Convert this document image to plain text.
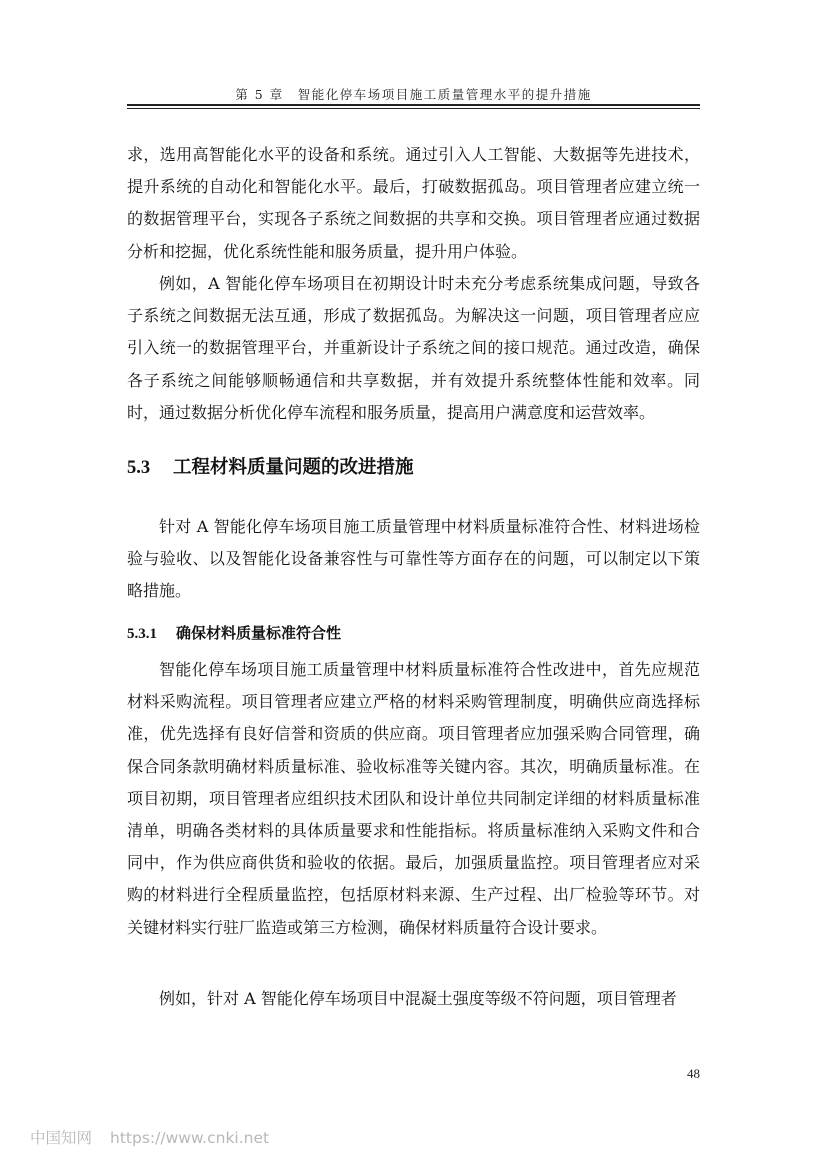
第 5 章　智能化停车场项目施工质量管理水平的提升措施

求，选用高智能化水平的设备和系统。通过引入人工智能、大数据等先进技术，提升系统的自动化和智能化水平。最后，打破数据孤岛。项目管理者应建立统一的数据管理平台，实现各子系统之间数据的共享和交换。项目管理者应通过数据分析和挖掘，优化系统性能和服务质量，提升用户体验。

例如，A 智能化停车场项目在初期设计时未充分考虑系统集成问题，导致各子系统之间数据无法互通，形成了数据孤岛。为解决这一问题，项目管理者应应引入统一的数据管理平台，并重新设计子系统之间的接口规范。通过改造，确保各子系统之间能够顺畅通信和共享数据，并有效提升系统整体性能和效率。同时，通过数据分析优化停车流程和服务质量，提高用户满意度和运营效率。

5.3 工程材料质量问题的改进措施

针对 A 智能化停车场项目施工质量管理中材料质量标准符合性、材料进场检验与验收、以及智能化设备兼容性与可靠性等方面存在的问题，可以制定以下策略措施。

5.3.1 确保材料质量标准符合性

智能化停车场项目施工质量管理中材料质量标准符合性改进中，首先应规范材料采购流程。项目管理者应建立严格的材料采购管理制度，明确供应商选择标准，优先选择有良好信誉和资质的供应商。项目管理者应加强采购合同管理，确保合同条款明确材料质量标准、验收标准等关键内容。其次，明确质量标准。在项目初期，项目管理者应组织技术团队和设计单位共同制定详细的材料质量标准清单，明确各类材料的具体质量要求和性能指标。将质量标准纳入采购文件和合同中，作为供应商供货和验收的依据。最后，加强质量监控。项目管理者应对采购的材料进行全程质量监控，包括原材料来源、生产过程、出厂检验等环节。对关键材料实行驻厂监造或第三方检测，确保材料质量符合设计要求。

例如，针对 A 智能化停车场项目中混凝土强度等级不符问题，项目管理者

48
中国知网 https://www.cnki.net
